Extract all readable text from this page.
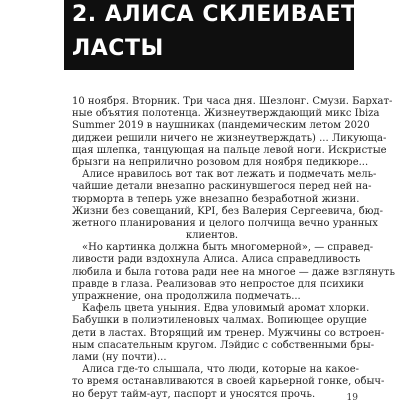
2. АЛИСА СКЛЕИВАЕТ
ЛАСТЫ
10 ноября. Вторник. Три часа дня. Шезлонг. Смузи. Бархат-
ные объятия полотенца. Жизнеутверждающий микс Ibiza
Summer 2019 в наушниках (пандемическим летом 2020
диджеи решили ничего не жизнеутверждать) ... Ликующа-
щая шлепка, танцующая на пальце левой ноги. Искристые
брызги на неприлично розовом для ноября педикюре...
Алисе нравилось вот так вот лежать и подмечать мель-
чайшие детали внезапно раскинувшегося перед ней на-
тюрморта в теперь уже внезапно безработной жизни.
Жизни без совещаний, KPI, без Валерия Сергеевича, бюд-
жетного планирования и целого полчища вечно уранных
клиентов.
«Но картинка должна быть многомерной», — справед-
ливости ради вздохнула Алиса. Алиса справедливость
любила и была готова ради нее на многое — даже взглянуть
правде в глаза. Реализовав это непростое для психики
упражнение, она продолжила подмечать...
Кафель цвета уныния. Едва уловимый аромат хлорки.
Бабушки в полиэтиленовых чалмах. Вопиющее орущие
дети в ластах. Вторящий им тренер. Мужчины со встроен-
ным спасательным кругом. Лэйдис с собственными бры-
лами (ну почти)...
Алиса где-то слышала, что люди, которые на какое-
то время останавливаются в своей карьерной гонке, обыч-
но берут тайм-аут, паспорт и уносятся прочь.	19
